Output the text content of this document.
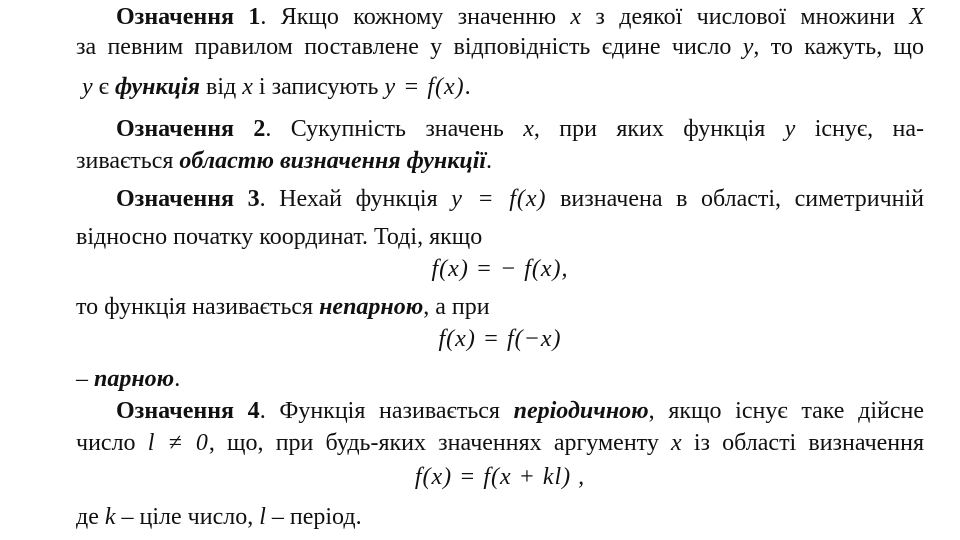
Означення 1. Якщо кожному значенню x з деякої числової множини X
за певним правилом поставлене у відповідність єдине число y, то кажуть, що
y є функція від x і записують y = f(x).
Означення 2. Сукупність значень x, при яких функція y існує, на-
зивається областю визначення функції.
Означення 3. Нехай функція y = f(x) визначена в області, симетричній
відносно початку координат. Тоді, якщо
f(x) = − f(x),
то функція називається непарною, а при
f(x) = f(−x)
– парною.
Означення 4. Функція називається періодичною, якщо існує таке дійсне
число l ≠ 0, що, при будь-яких значеннях аргументу x із області визначення
f(x) = f(x + kl) ,
де k – ціле число, l – період.
